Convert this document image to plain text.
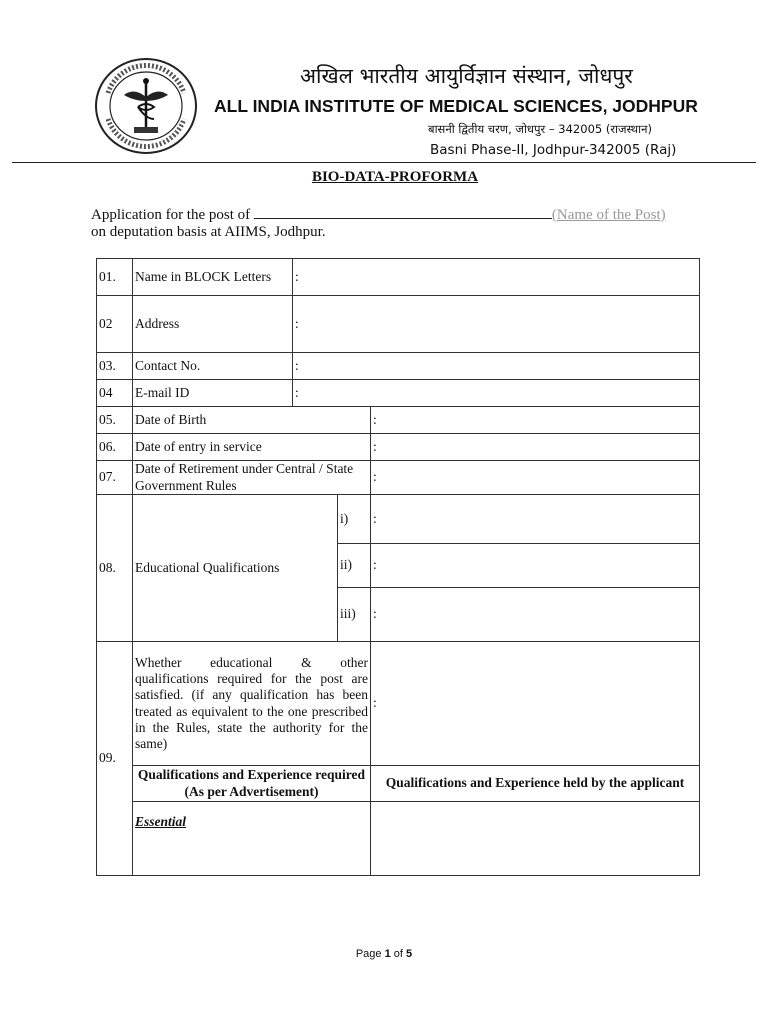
अखिल भारतीय आयुर्विज्ञान संस्थान, जोधपुर
ALL INDIA INSTITUTE OF MEDICAL SCIENCES, JODHPUR
बासनी द्वितीय चरण, जोधपुर – 342005 (राजस्थान)
Basni Phase-II, Jodhpur-342005 (Raj)
BIO-DATA-PROFORMA
Application for the post of	(Name of the Post)
on deputation basis at AIIMS, Jodhpur.
01.	Name in BLOCK Letters	:		
02	Address	:		
03.	Contact No.	:		
04	E-mail ID	:		
05.	Date of Birth			:
06.	Date of entry in service			:
07.	Date of Retirement under Central / State Government Rules			:
08.	Educational Qualifications		i)	:
			ii)	:
			iii)	:
09.	Whether educational & other qualifications required for the post are satisfied. (if any qualification has been treated as equivalent to the one prescribed in the Rules, state the authority for the same)			:
	Qualifications and Experience required (As per Advertisement)			Qualifications and Experience held by the applicant
	Essential			
Page 1 of 5
